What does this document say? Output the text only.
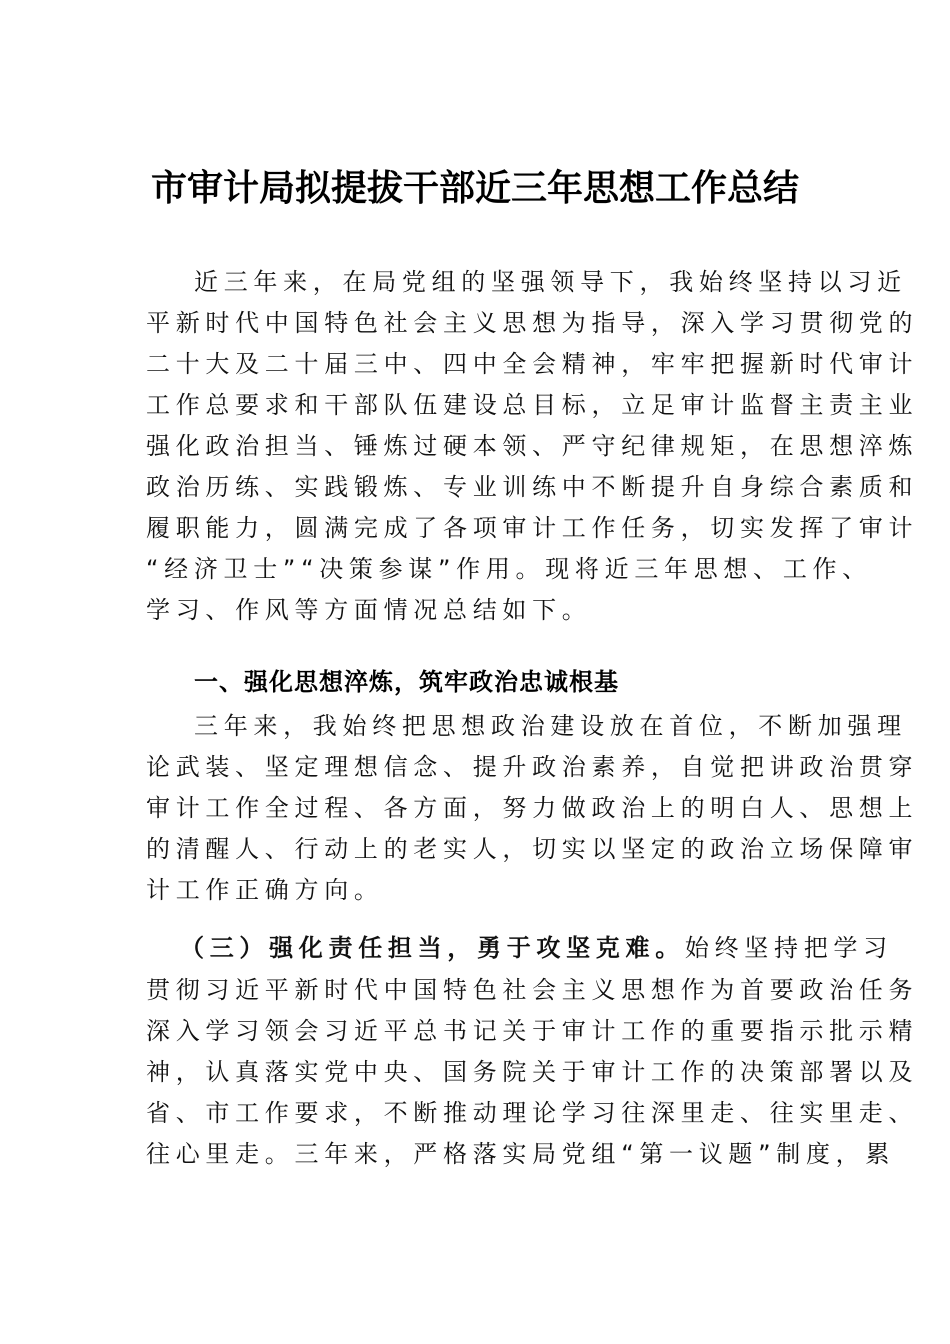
市审计局拟提拔干部近三年思想工作总结
近三年来，在局党组的坚强领导下，我始终坚持以习近
平新时代中国特色社会主义思想为指导，深入学习贯彻党的
二十大及二十届三中、四中全会精神，牢牢把握新时代审计
工作总要求和干部队伍建设总目标，立足审计监督主责主业
强化政治担当、锤炼过硬本领、严守纪律规矩，在思想淬炼
政治历练、实践锻炼、专业训练中不断提升自身综合素质和
履职能力，圆满完成了各项审计工作任务，切实发挥了审计
“经济卫士”“决策参谋”作用。现将近三年思想、工作、
学习、作风等方面情况总结如下。
一、强化思想淬炼，筑牢政治忠诚根基
三年来，我始终把思想政治建设放在首位，不断加强理
论武装、坚定理想信念、提升政治素养，自觉把讲政治贯穿
审计工作全过程、各方面，努力做政治上的明白人、思想上
的清醒人、行动上的老实人，切实以坚定的政治立场保障审
计工作正确方向。
（三）强化责任担当，勇于攻坚克难。始终坚持把学习
贯彻习近平新时代中国特色社会主义思想作为首要政治任务
深入学习领会习近平总书记关于审计工作的重要指示批示精
神，认真落实党中央、国务院关于审计工作的决策部署以及
省、市工作要求，不断推动理论学习往深里走、往实里走、
往心里走。三年来，严格落实局党组“第一议题”制度，累
